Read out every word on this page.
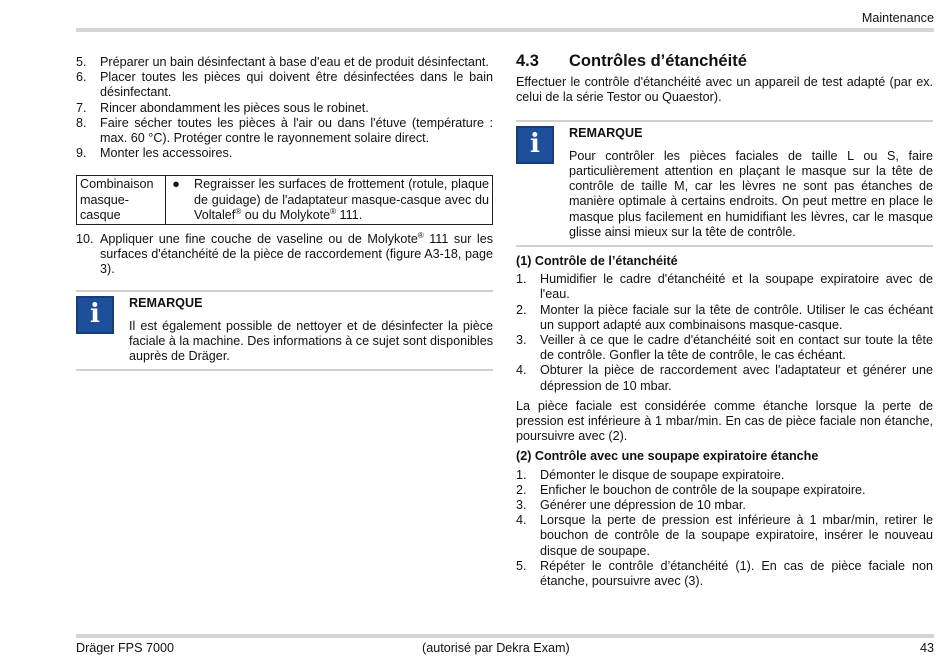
Maintenance
5. Préparer un bain désinfectant à base d'eau et de produit désinfectant.
6. Placer toutes les pièces qui doivent être désinfectées dans le bain désinfectant.
7. Rincer abondamment les pièces sous le robinet.
8. Faire sécher toutes les pièces à l'air ou dans l'étuve (température : max. 60 °C). Protéger contre le rayonnement solaire direct.
9. Monter les accessoires.
Combinaison masque-casque	●	Regraisser les surfaces de frottement (rotule, plaque de guidage) de l'adaptateur masque-casque avec du Voltalef® ou du Molykote® 111.
10. Appliquer une fine couche de vaseline ou de Molykote® 111 sur les surfaces d'étanchéité de la pièce de raccordement (figure A3-18, page 3).
i	REMARQUE
Il est également possible de nettoyer et de désinfecter la pièce faciale à la machine. Des informations à ce sujet sont disponibles auprès de Dräger.
4.3	Contrôles d’étanchéité
Effectuer le contrôle d'étanchéité avec un appareil de test adapté (par ex. celui de la série Testor ou Quaestor).
i	REMARQUE
Pour contrôler les pièces faciales de taille L ou S, faire particulièrement attention en plaçant le masque sur la tête de contrôle de taille M, car les lèvres ne sont pas étanches de manière optimale à certains endroits. On peut mettre en place le masque plus facilement en humidifiant les lèvres, car le masque glisse ainsi mieux sur la tête de contrôle.
(1) Contrôle de l’étanchéité
1. Humidifier le cadre d'étanchéité et la soupape expiratoire avec de l'eau.
2. Monter la pièce faciale sur la tête de contrôle. Utiliser le cas échéant un support adapté aux combinaisons masque-casque.
3. Veiller à ce que le cadre d'étanchéité soit en contact sur toute la tête de contrôle. Gonfler la tête de contrôle, le cas échéant.
4. Obturer la pièce de raccordement avec l'adaptateur et générer une dépression de 10 mbar.
La pièce faciale est considérée comme étanche lorsque la perte de pression est inférieure à 1 mbar/min. En cas de pièce faciale non étanche, poursuivre avec (2).
(2) Contrôle avec une soupape expiratoire étanche
1. Démonter le disque de soupape expiratoire.
2. Enficher le bouchon de contrôle de la soupape expiratoire.
3. Générer une dépression de 10 mbar.
4. Lorsque la perte de pression est inférieure à 1 mbar/min, retirer le bouchon de contrôle de la soupape expiratoire, insérer le nouveau disque de soupape.
5. Répéter le contrôle d’étanchéité (1). En cas de pièce faciale non étanche, poursuivre avec (3).
Dräger FPS 7000	(autorisé par Dekra Exam)	43
